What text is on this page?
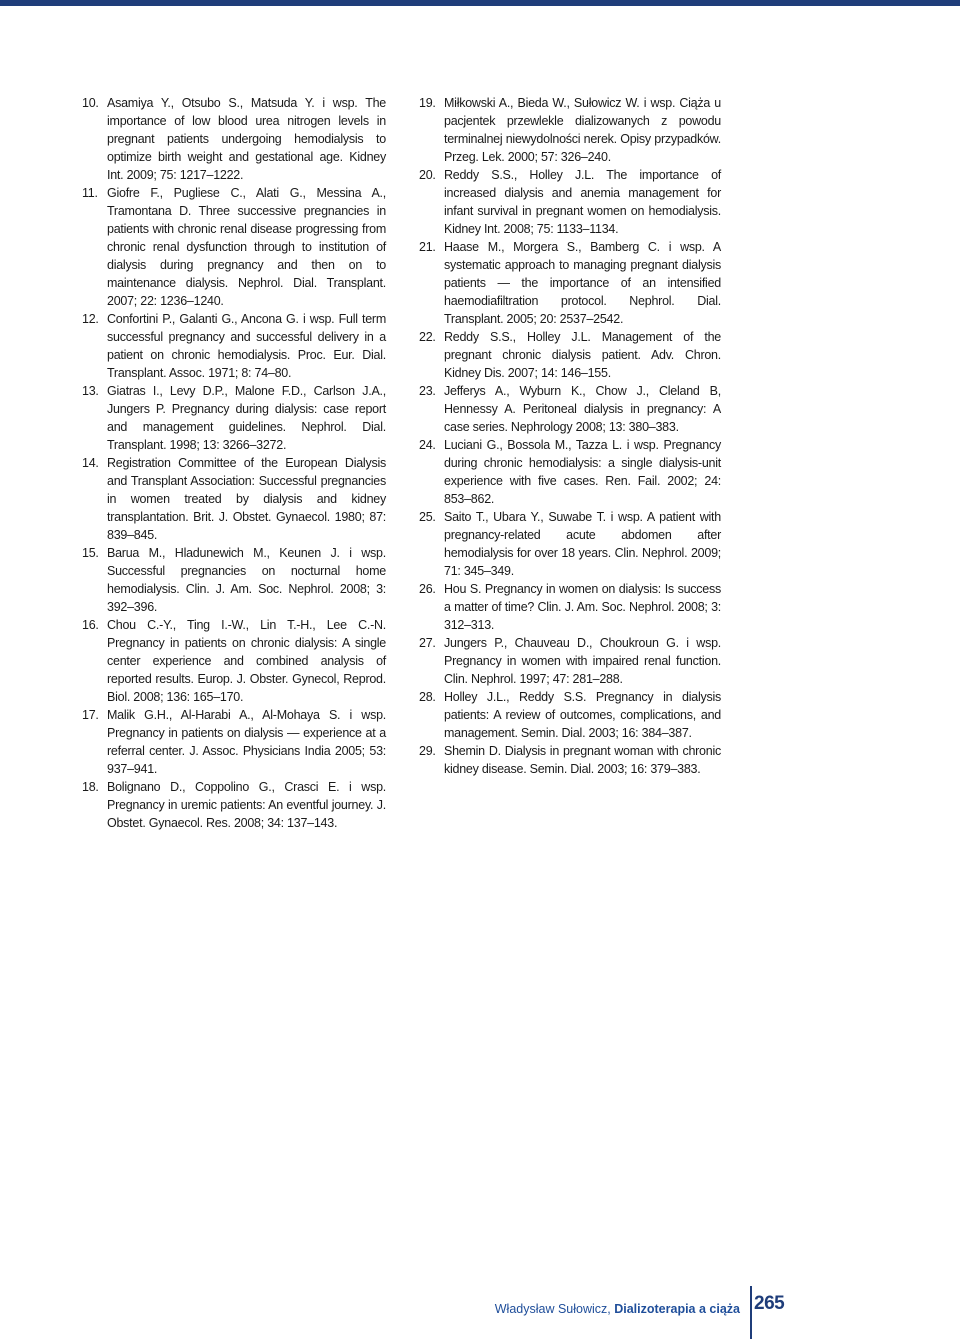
10. Asamiya Y., Otsubo S., Matsuda Y. i wsp. The importance of low blood urea nitrogen levels in pregnant patients undergoing hemodialysis to optimize birth weight and gestational age. Kidney Int. 2009; 75: 1217–1222.

11. Giofre F., Pugliese C., Alati G., Messina A., Tramontana D. Three successive pregnancies in patients with chronic renal disease progressing from chronic renal dysfunction through to institution of dialysis during pregnancy and then on to maintenance dialysis. Nephrol. Dial. Transplant. 2007; 22: 1236–1240.

12. Confortini P., Galanti G., Ancona G. i wsp. Full term successful pregnancy and successful delivery in a patient on chronic hemodialysis. Proc. Eur. Dial. Transplant. Assoc. 1971; 8: 74–80.

13. Giatras I., Levy D.P., Malone F.D., Carlson J.A., Jungers P. Pregnancy during dialysis: case report and management guidelines. Nephrol. Dial. Transplant. 1998; 13: 3266–3272.

14. Registration Committee of the European Dialysis and Transplant Association: Successful pregnancies in women treated by dialysis and kidney transplantation. Brit. J. Obstet. Gynaecol. 1980; 87: 839–845.

15. Barua M., Hladunewich M., Keunen J. i wsp. Successful pregnancies on nocturnal home hemodialysis. Clin. J. Am. Soc. Nephrol. 2008; 3: 392–396.

16. Chou C.-Y., Ting I.-W., Lin T.-H., Lee C.-N. Pregnancy in patients on chronic dialysis: A single center experience and combined analysis of reported results. Europ. J. Obster. Gynecol, Reprod. Biol. 2008; 136: 165–170.

17. Malik G.H., Al-Harabi A., Al-Mohaya S. i wsp. Pregnancy in patients on dialysis — experience at a referral center. J. Assoc. Physicians India 2005; 53: 937–941.

18. Bolignano D., Coppolino G., Crasci E. i wsp. Pregnancy in uremic patients: An eventful journey. J. Obstet. Gynaecol. Res. 2008; 34: 137–143.

19. Miłkowski A., Bieda W., Sułowicz W. i wsp. Ciąża u pacjentek przewlekle dializowanych z powodu terminalnej niewydolności nerek. Opisy przypadków. Przeg. Lek. 2000; 57: 326–240.

20. Reddy S.S., Holley J.L. The importance of increased dialysis and anemia management for infant survival in pregnant women on hemodialysis. Kidney Int. 2008; 75: 1133–1134.

21. Haase M., Morgera S., Bamberg C. i wsp. A systematic approach to managing pregnant dialysis patients — the importance of an intensified haemodiafiltration protocol. Nephrol. Dial. Transplant. 2005; 20: 2537–2542.

22. Reddy S.S., Holley J.L. Management of the pregnant chronic dialysis patient. Adv. Chron. Kidney Dis. 2007; 14: 146–155.

23. Jefferys A., Wyburn K., Chow J., Cleland B, Hennessy A. Peritoneal dialysis in pregnancy: A case series. Nephrology 2008; 13: 380–383.

24. Luciani G., Bossola M., Tazza L. i wsp. Pregnancy during chronic hemodialysis: a single dialysis-unit experience with five cases. Ren. Fail. 2002; 24: 853–862.

25. Saito T., Ubara Y., Suwabe T. i wsp. A patient with pregnancy-related acute abdomen after hemodialysis for over 18 years. Clin. Nephrol. 2009; 71: 345–349.

26. Hou S. Pregnancy in women on dialysis: Is success a matter of time? Clin. J. Am. Soc. Nephrol. 2008; 3: 312–313.

27. Jungers P., Chauveau D., Choukroun G. i wsp. Pregnancy in women with impaired renal function. Clin. Nephrol. 1997; 47: 281–288.

28. Holley J.L., Reddy S.S. Pregnancy in dialysis patients: A review of outcomes, complications, and management. Semin. Dial. 2003; 16: 384–387.

29. Shemin D. Dialysis in pregnant woman with chronic kidney disease. Semin. Dial. 2003; 16: 379–383.

Władysław Sułowicz, Dializoterapia a ciąża 265
